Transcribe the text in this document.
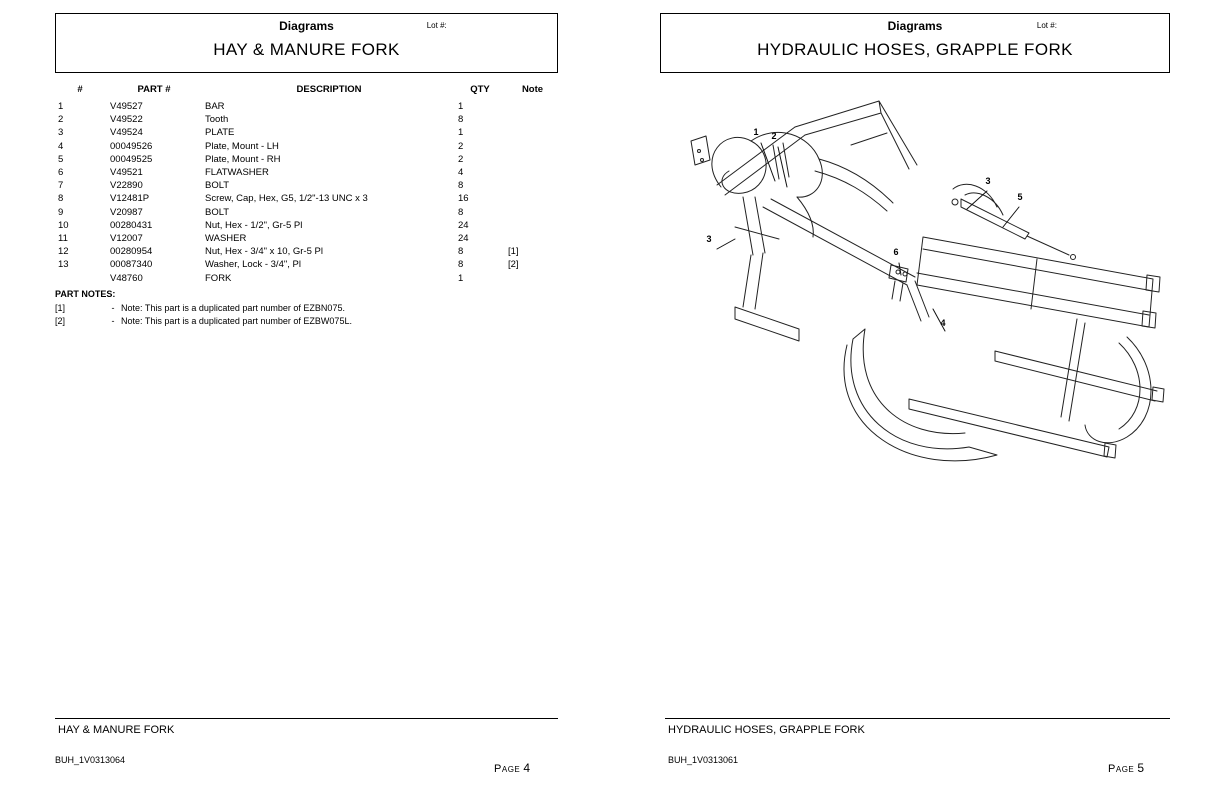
Diagrams	Lot #:
HAY & MANURE FORK
#	PART #	DESCRIPTION	QTY	Note
1	V49527	BAR	1	
2	V49522	Tooth	8	
3	V49524	PLATE	1	
4	00049526	Plate, Mount - LH	2	
5	00049525	Plate, Mount - RH	2	
6	V49521	FLATWASHER	4	
7	V22890	BOLT	8	
8	V12481P	Screw, Cap, Hex, G5, 1/2"-13 UNC x 3	16	
9	V20987	BOLT	8	
10	00280431	Nut, Hex - 1/2", Gr-5 Pl	24	
11	V12007	WASHER	24	
12	00280954	Nut, Hex - 3/4" x 10, Gr-5 Pl	8	[1]
13	00087340	Washer, Lock - 3/4", Pl	8	[2]
	V48760	FORK	1	
PART NOTES:
[1]	- Note: This part is a duplicated part number of EZBN075.
[2]	- Note: This part is a duplicated part number of EZBW075L.
HAY & MANURE FORK
BUH_1V0313064
Page 4
Diagrams	Lot #:
HYDRAULIC HOSES, GRAPPLE FORK
1 2
3
5
6
3
4
HYDRAULIC HOSES, GRAPPLE FORK
BUH_1V0313061
Page 5
